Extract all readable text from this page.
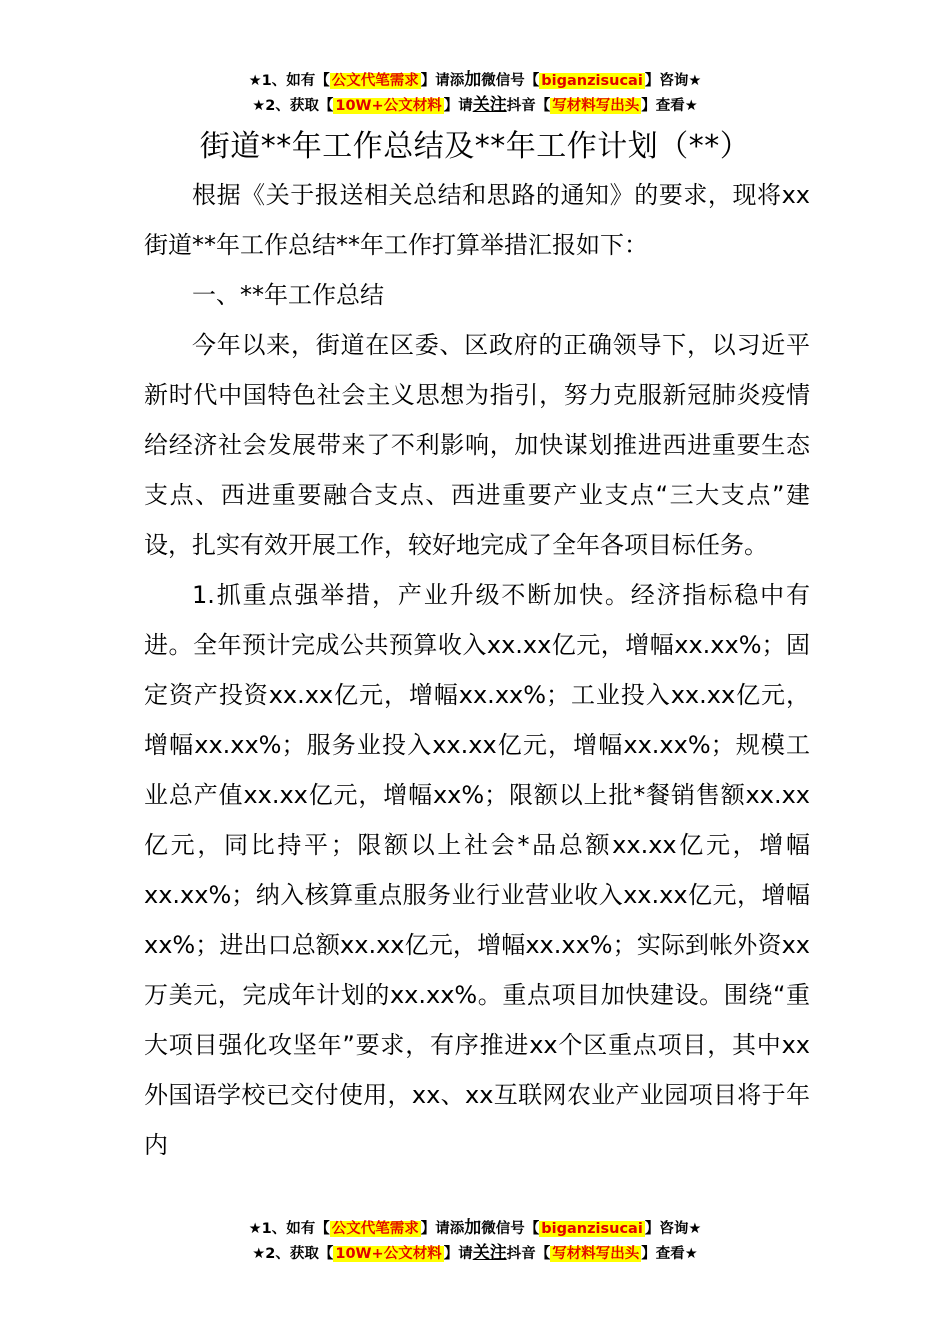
★1、如有【 公文代笔需求 】请添加微信号【 biganzisucai 】咨询★
★2、获取【 10W+公文材料 】请关注抖音【 写材料写出头 】查看★
街道**年工作总结及**年工作计划（**）

根据《关于报送相关总结和思路的通知》的要求，现将xx街道**年工作总结**年工作打算举措汇报如下：

一、**年工作总结

今年以来，街道在区委、区政府的正确领导下，以习近平新时代中国特色社会主义思想为指引，努力克服新冠肺炎疫情给经济社会发展带来了不利影响，加快谋划推进西进重要生态支点、西进重要融合支点、西进重要产业支点“三大支点”建设，扎实有效开展工作，较好地完成了全年各项目标任务。

1.抓重点强举措，产业升级不断加快。经济指标稳中有进。全年预计完成公共预算收入xx.xx亿元，增幅xx.xx%；固定资产投资xx.xx亿元，增幅xx.xx%；工业投入xx.xx亿元，增幅xx.xx%；服务业投入xx.xx亿元，增幅xx.xx%；规模工业总产值xx.xx亿元，增幅xx%；限额以上批*餐销售额xx.xx亿元，同比持平；限额以上社会*品总额xx.xx亿元，增幅xx.xx%；纳入核算重点服务业行业营业收入xx.xx亿元，增幅xx%；进出口总额xx.xx亿元，增幅xx.xx%；实际到帐外资xx万美元，完成年计划的xx.xx%。重点项目加快建设。围绕“重大项目强化攻坚年”要求，有序推进xx个区重点项目，其中xx外国语学校已交付使用，xx、xx互联网农业产业园项目将于年内

★1、如有【 公文代笔需求 】请添加微信号【 biganzisucai 】咨询★
★2、获取【 10W+公文材料 】请关注抖音【 写材料写出头 】查看★
